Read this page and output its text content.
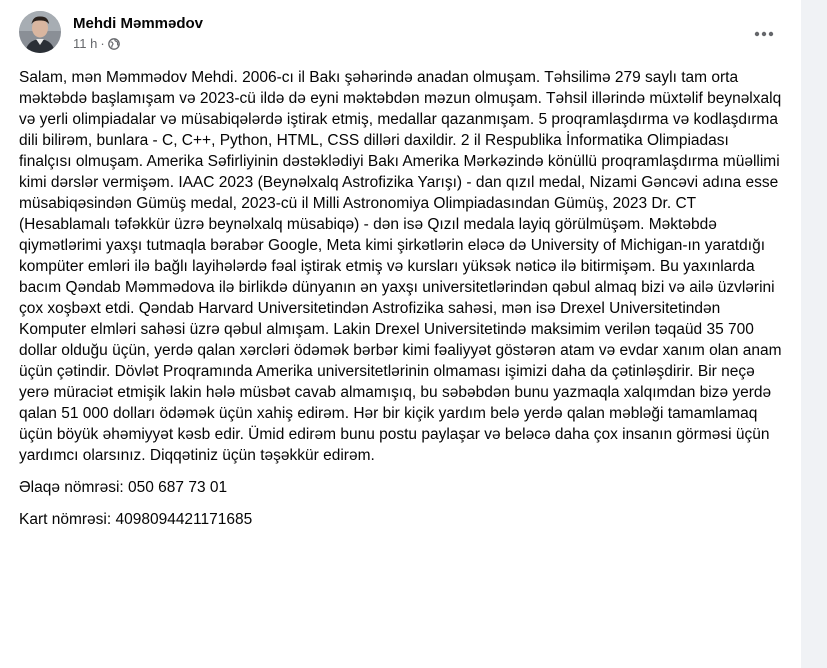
Mehdi Məmmədov
11 h ·

Salam, mən Məmmədov Mehdi. 2006-cı il Bakı şəhərində anadan olmuşam. Təhsilimə 279 saylı tam orta məktəbdə başlamışam və 2023-cü ildə də eyni məktəbdən məzun olmuşam. Təhsil illərində müxtəlif beynəlxalq və yerli olimpiadalar və müsabiqələrdə iştirak etmiş, medallar qazanmışam. 5 proqramlaşdırma və kodlaşdırma dili bilirəm, bunlara - C, C++, Python, HTML, CSS dilləri daxildir. 2 il Respublika İnformatika Olimpiadası finalçısı olmuşam. Amerika Səfirliyinin dəstəklədiyi Bakı Amerika Mərkəzində könüllü proqramlaşdırma müəllimi kimi dərslər vermişəm. IAAC 2023 (Beynəlxalq Astrofizika Yarışı) - dan qızıl medal, Nizami Gəncəvi adına esse müsabiqəsindən Gümüş medal, 2023-cü il Milli Astronomiya Olimpiadasından Gümüş, 2023 Dr. CT (Hesablamalı təfəkkür üzrə beynəlxalq müsabiqə) - dən isə Qızıl medala layiq görülmüşəm. Məktəbdə qiymətlərimi yaxşı tutmaqla bərabər Google, Meta kimi şirkətlərin eləcə də University of Michigan-ın yaratdığı kompüter emləri ilə bağlı layihələrdə fəal iştirak etmiş və kursları yüksək nəticə ilə bitirmişəm. Bu yaxınlarda bacım Qəndab Məmmədova ilə birlikdə dünyanın ən yaxşı universitetlərindən qəbul almaq bizi və ailə üzvlərini çox xoşbəxt etdi. Qəndab Harvard Universitetindən Astrofizika sahəsi, mən isə Drexel Universitetindən Komputer elmləri sahəsi üzrə qəbul almışam. Lakin Drexel Universitetində maksimim verilən təqaüd 35 700 dollar olduğu üçün, yerdə qalan xərcləri ödəmək bərbər kimi fəaliyyət göstərən atam və evdar xanım olan anam üçün çətindir. Dövlət Proqramında Amerika universitetlərinin olmaması işimizi daha da çətinləşdirir. Bir neçə yerə müraciət etmişik lakin hələ müsbət cavab almamışıq, bu səbəbdən bunu yazmaqla xalqımdan bizə yerdə qalan 51 000 dolları ödəmək üçün xahiş edirəm. Hər bir kiçik yardım belə yerdə qalan məbləği tamamlamaq üçün böyük əhəmiyyət kəsb edir. Ümid edirəm bunu postu paylaşar və beləcə daha çox insanın görməsi üçün yardımcı olarsınız. Diqqətiniz üçün təşəkkür edirəm.

Əlaqə nömrəsi: 050 687 73 01

Kart nömrəsi: 4098094421171685
